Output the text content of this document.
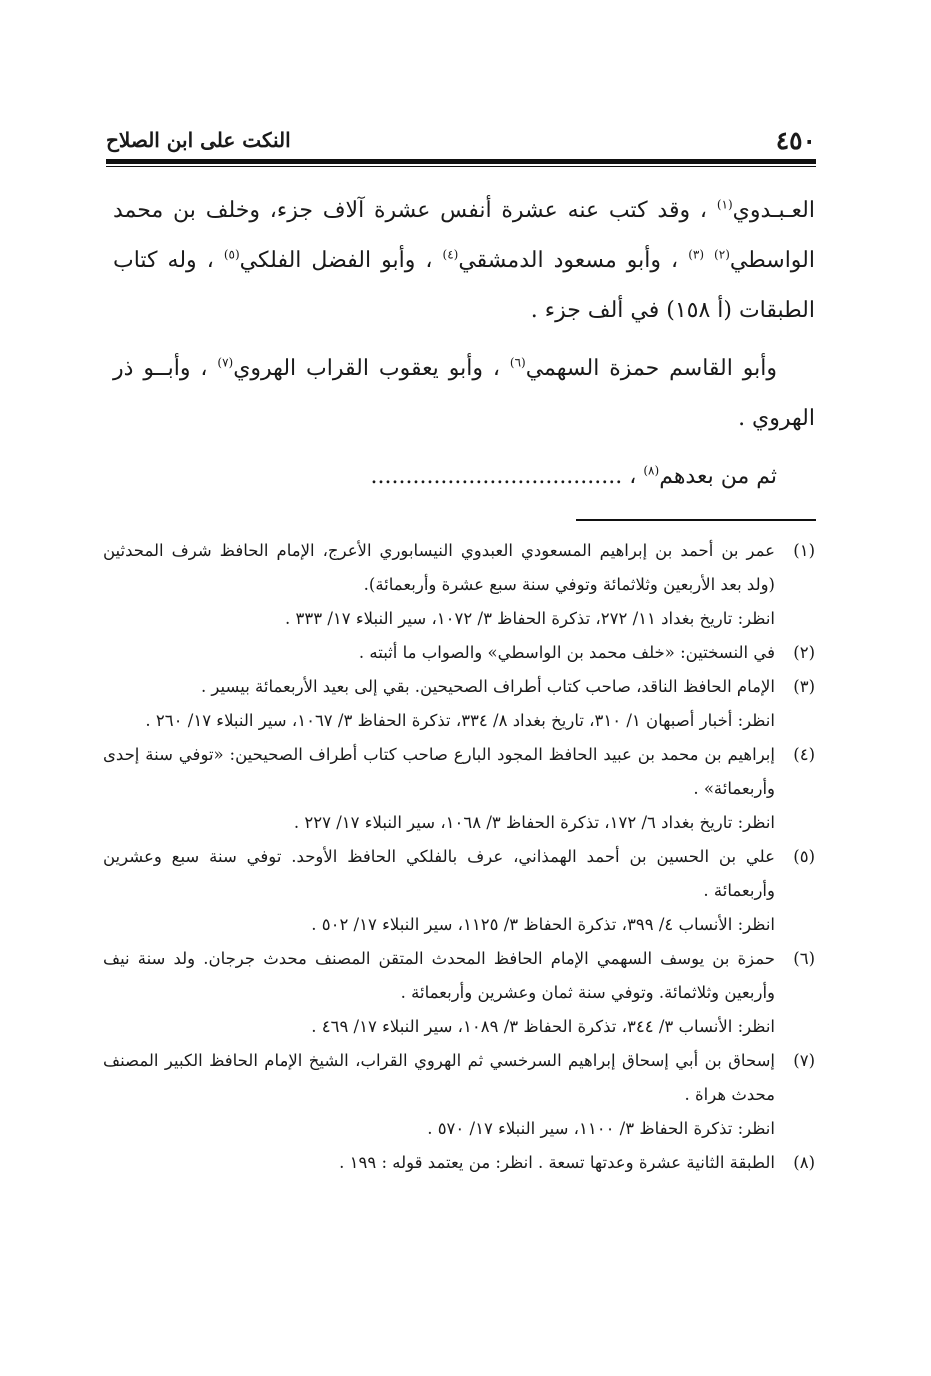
٤٥٠
النكت على ابن الصلاح

العـبـدوي$^{(١)}$ ، وقد كتب عنه عشرة أنفس عشرة آلاف جزء، وخلف بن محمد الواسطي$^{(٢)}$ $^{(٣)}$ ، وأبو مسعود الدمشقي$^{(٤)}$ ، وأبو الفضل الفلكي$^{(٥)}$ ، وله كتاب الطبقات (أ ١٥٨) في ألف جزء .

وأبو القاسم حمزة السهمي$^{(٦)}$ ، وأبو يعقوب القراب الهروي$^{(٧)}$ ، وأبــو ذر الهروي .

ثم من بعدهم$^{(٨)}$ ، ....................................

(١)
عمر بن أحمد بن إبراهيم المسعودي العبدوي النيسابوري الأعرج، الإمام الحافظ شرف المحدثين (ولد بعد الأربعين وثلاثمائة وتوفي سنة سبع عشرة وأربعمائة).
انظر: تاريخ بغداد ١١/ ٢٧٢، تذكرة الحفاظ ٣/ ١٠٧٢، سير النبلاء ١٧/ ٣٣٣ .
(٢)
في النسختين: «خلف محمد بن الواسطي» والصواب ما أثبته .
(٣)
الإمام الحافظ الناقد، صاحب كتاب أطراف الصحيحين. بقي إلى بعيد الأربعمائة بيسير .
انظر: أخبار أصبهان ١/ ٣١٠، تاريخ بغداد ٨/ ٣٣٤، تذكرة الحفاظ ٣/ ١٠٦٧، سير النبلاء ١٧/ ٢٦٠ .
(٤)
إبراهيم بن محمد بن عبيد الحافظ المجود البارع صاحب كتاب أطراف الصحيحين: «توفي سنة إحدى وأربعمائة» .
انظر: تاريخ بغداد ٦/ ١٧٢، تذكرة الحفاظ ٣/ ١٠٦٨، سير النبلاء ١٧/ ٢٢٧ .
(٥)
علي بن الحسين بن أحمد الهمذاني، عرف بالفلكي الحافظ الأوحد. توفي سنة سبع وعشرين وأربعمائة .
انظر: الأنساب ٤/ ٣٩٩، تذكرة الحفاظ ٣/ ١١٢٥، سير النبلاء ١٧/ ٥٠٢ .
(٦)
حمزة بن يوسف السهمي الإمام الحافظ المحدث المتقن المصنف محدث جرجان. ولد سنة نيف وأربعين وثلاثمائة. وتوفي سنة ثمان وعشرين وأربعمائة .
انظر: الأنساب ٣/ ٣٤٤، تذكرة الحفاظ ٣/ ١٠٨٩، سير النبلاء ١٧/ ٤٦٩ .
(٧)
إسحاق بن أبي إسحاق إبراهيم السرخسي ثم الهروي القراب، الشيخ الإمام الحافظ الكبير المصنف محدث هراة .
انظر: تذكرة الحفاظ ٣/ ١١٠٠، سير النبلاء ١٧/ ٥٧٠ .
(٨)
الطبقة الثانية عشرة وعدتها تسعة . انظر: من يعتمد قوله : ١٩٩ .
